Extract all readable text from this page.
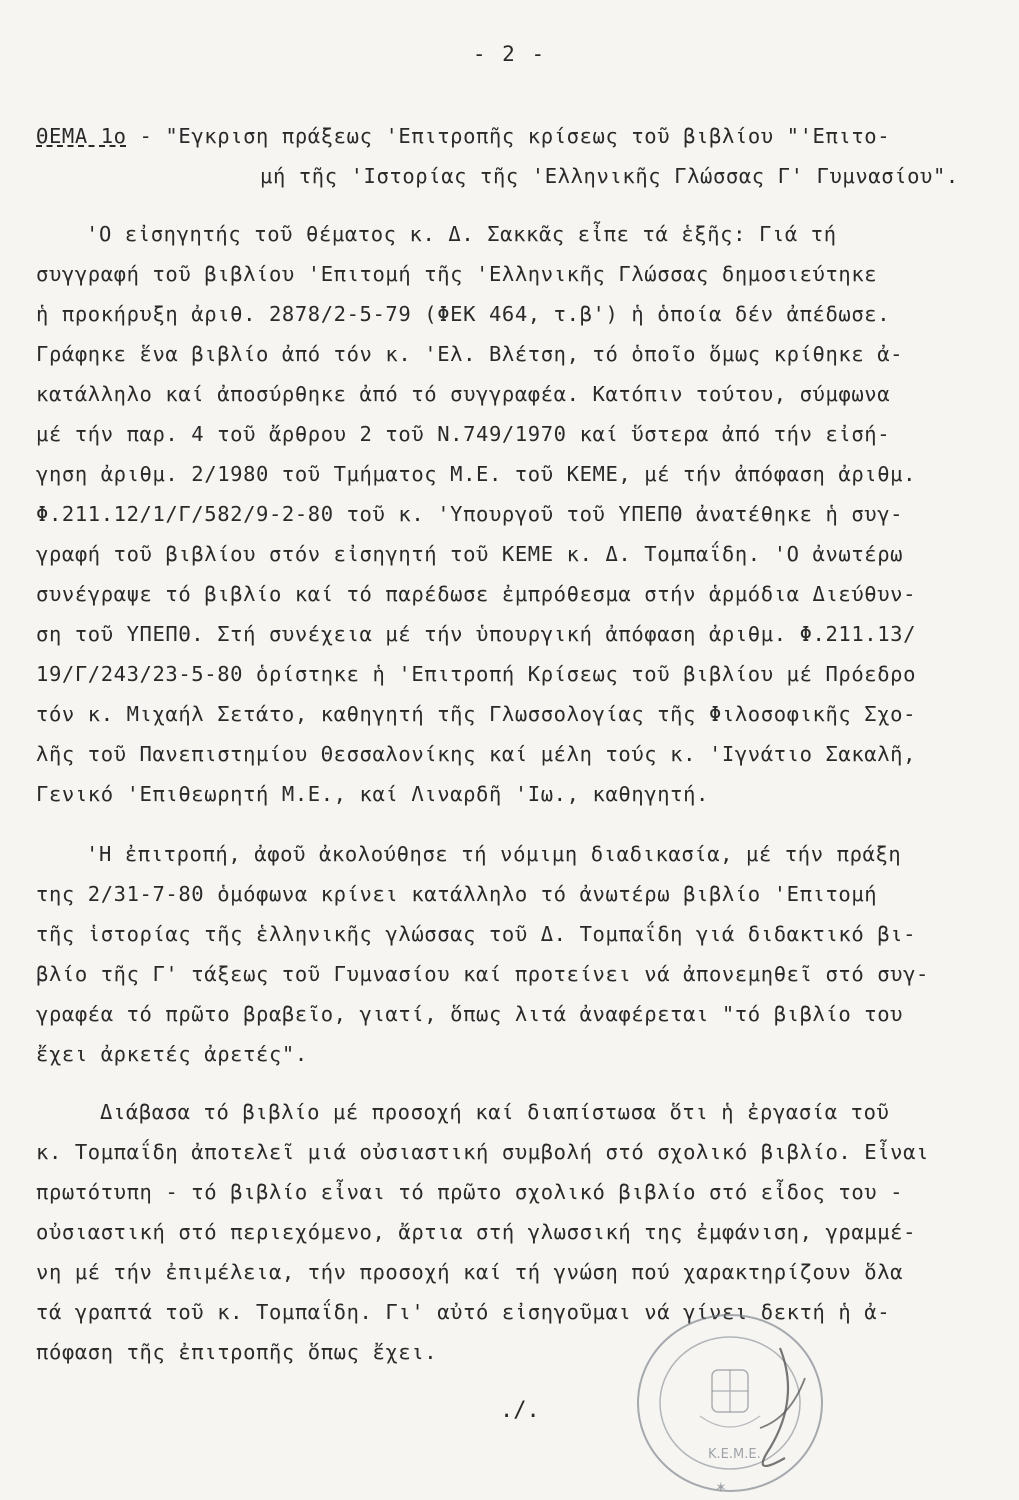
- 2 -
ΘΕΜΑ 1ο - "Εγκριση πράξεως 'Επιτροπῆς κρίσεως τοῦ βιβλίου "'Επιτο-
μή τῆς 'Ιστορίας τῆς 'Ελληνικῆς Γλώσσας Γ' Γυμνασίου".
'Ο εἰσηγητής τοῦ θέματος κ. Δ. Σακκᾶς εἶπε τά ἑξῆς: Γιά τή
συγγραφή τοῦ βιβλίου 'Επιτομή τῆς 'Ελληνικῆς Γλώσσας δημοσιεύτηκε
ἡ προκήρυξη ἀριθ. 2878/2-5-79 (ΦΕΚ 464, τ.β') ἡ ὁποία δέν ἀπέδωσε.
Γράφηκε ἕνα βιβλίο ἀπό τόν κ. 'Ελ. Βλέτση, τό ὁποῖο ὅμως κρίθηκε ἀ-
κατάλληλο καί ἀποσύρθηκε ἀπό τό συγγραφέα. Κατόπιν τούτου, σύμφωνα
μέ τήν παρ. 4 τοῦ ἄρθρου 2 τοῦ Ν.749/1970 καί ὕστερα ἀπό τήν εἰσή-
γηση ἀριθμ. 2/1980 τοῦ Τμήματος Μ.Ε. τοῦ ΚΕΜΕ, μέ τήν ἀπόφαση ἀριθμ.
Φ.211.12/1/Γ/582/9-2-80 τοῦ κ. 'Υπουργοῦ τοῦ ΥΠΕΠΘ ἀνατέθηκε ἡ συγ-
γραφή τοῦ βιβλίου στόν εἰσηγητή τοῦ ΚΕΜΕ κ. Δ. Τομπαΐδη. 'Ο ἀνωτέρω
συνέγραψε τό βιβλίο καί τό παρέδωσε ἐμπρόθεσμα στήν ἁρμόδια Διεύθυν-
ση τοῦ ΥΠΕΠΘ. Στή συνέχεια μέ τήν ὑπουργική ἀπόφαση ἀριθμ. Φ.211.13/
19/Γ/243/23-5-80 ὁρίστηκε ἡ 'Επιτροπή Κρίσεως τοῦ βιβλίου μέ Πρόεδρο
τόν κ. Μιχαήλ Σετάτο, καθηγητή τῆς Γλωσσολογίας τῆς Φιλοσοφικῆς Σχο-
λῆς τοῦ Πανεπιστημίου Θεσσαλονίκης καί μέλη τούς κ. 'Ιγνάτιο Σακαλῆ,
Γενικό 'Επιθεωρητή Μ.Ε., καί Λιναρδῆ 'Ιω., καθηγητή.
'Η ἐπιτροπή, ἀφοῦ ἀκολούθησε τή νόμιμη διαδικασία, μέ τήν πράξη
της 2/31-7-80 ὁμόφωνα κρίνει κατάλληλο τό ἀνωτέρω βιβλίο 'Επιτομή
τῆς ἱστορίας τῆς ἑλληνικῆς γλώσσας τοῦ Δ. Τομπαΐδη γιά διδακτικό βι-
βλίο τῆς Γ' τάξεως τοῦ Γυμνασίου καί προτείνει νά ἀπονεμηθεῖ στό συγ-
γραφέα τό πρῶτο βραβεῖο, γιατί, ὅπως λιτά ἀναφέρεται "τό βιβλίο του
ἔχει ἀρκετές ἀρετές".
Διάβασα τό βιβλίο μέ προσοχή καί διαπίστωσα ὅτι ἡ ἐργασία τοῦ
κ. Τομπαΐδη ἀποτελεῖ μιά οὐσιαστική συμβολή στό σχολικό βιβλίο. Εἶναι
πρωτότυπη - τό βιβλίο εἶναι τό πρῶτο σχολικό βιβλίο στό εἶδος του -
οὐσιαστική στό περιεχόμενο, ἄρτια στή γλωσσική της ἐμφάνιση, γραμμέ-
νη μέ τήν ἐπιμέλεια, τήν προσοχή καί τή γνώση πού χαρακτηρίζουν ὅλα
τά γραπτά τοῦ κ. Τομπαΐδη. Γι' αὐτό εἰσηγοῦμαι νά γίνει δεκτή ἡ ἀ-
πόφαση τῆς ἐπιτροπῆς ὅπως ἔχει.
./.
✶
Κ.Ε.Μ.Ε.
